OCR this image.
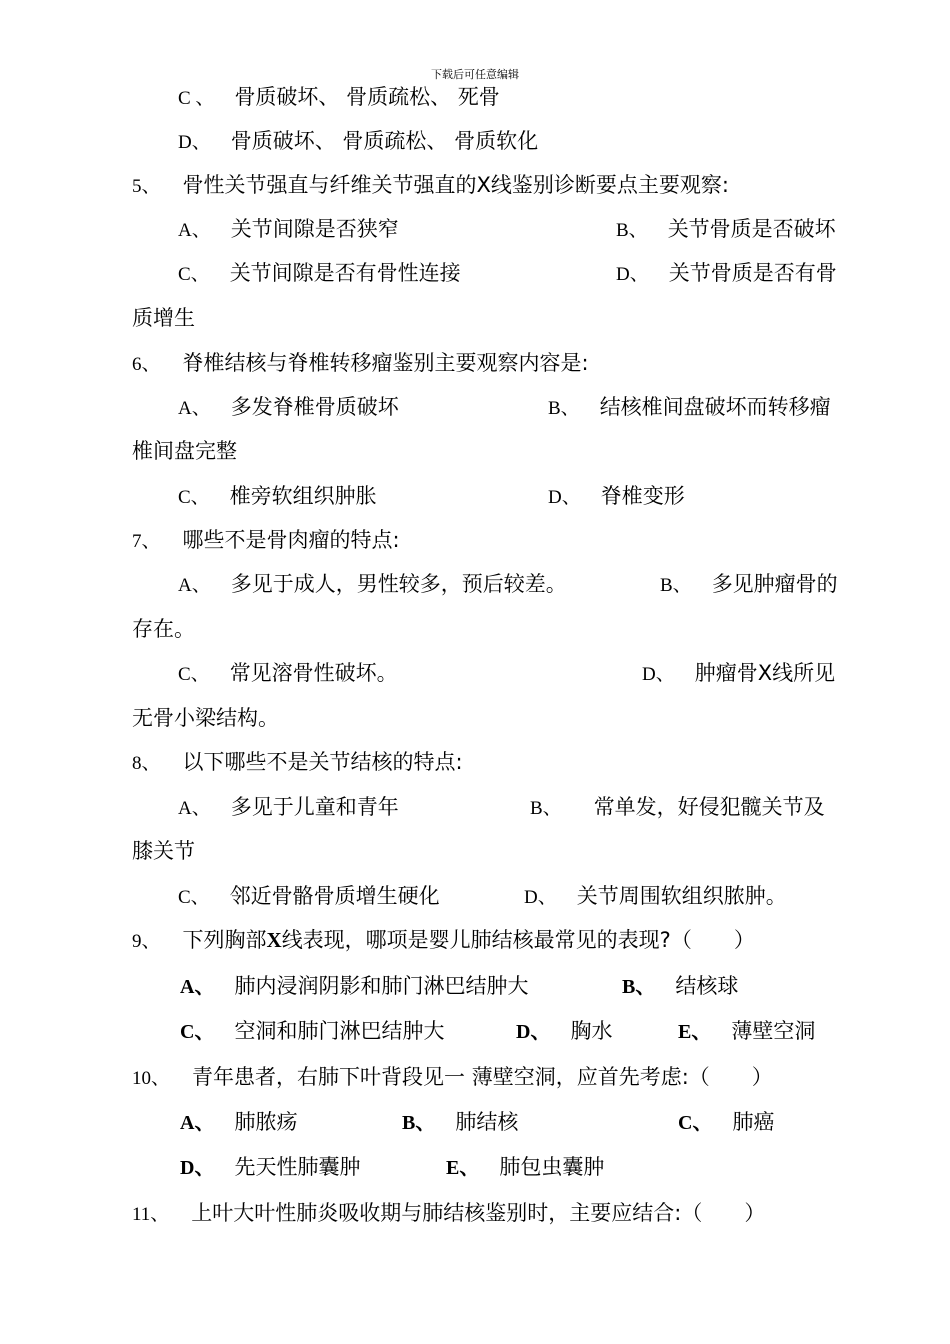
下载后可任意编辑
C 、 骨质破坏、 骨质疏松、 死骨
D、 骨质破坏、 骨质疏松、 骨质软化
5、 骨性关节强直与纤维关节强直的X线鉴别诊断要点主要观察:
A、 关节间隙是否狭窄	B、 关节骨质是否破坏
C、 关节间隙是否有骨性连接	D、 关节骨质是否有骨
质增生
6、 脊椎结核与脊椎转移瘤鉴别主要观察内容是:
A、 多发脊椎骨质破坏	B、 结核椎间盘破坏而转移瘤
椎间盘完整
C、 椎旁软组织肿胀	D、 脊椎变形
7、 哪些不是骨肉瘤的特点:
A、 多见于成人，男性较多，预后较差。	B、 多见肿瘤骨的
存在。
C、 常见溶骨性破坏。	D、 肿瘤骨X线所见
无骨小梁结构。
8、 以下哪些不是关节结核的特点:
A、 多见于儿童和青年	B、 常单发，好侵犯髋关节及
膝关节
C、 邻近骨骼骨质增生硬化	D、 关节周围软组织脓肿。
9、 下列胸部X线表现，哪项是婴儿肺结核最常见的表现?（　　）
A、 肺内浸润阴影和肺门淋巴结肿大	B、 结核球
C、 空洞和肺门淋巴结肿大	D、 胸水	E、 薄壁空洞
10、 青年患者，右肺下叶背段见一 薄壁空洞，应首先考虑:（　　）
A、 肺脓疡	B、 肺结核	C、 肺癌
D、 先天性肺囊肿	E、 肺包虫囊肿
11、 上叶大叶性肺炎吸收期与肺结核鉴别时，主要应结合:（　　）
